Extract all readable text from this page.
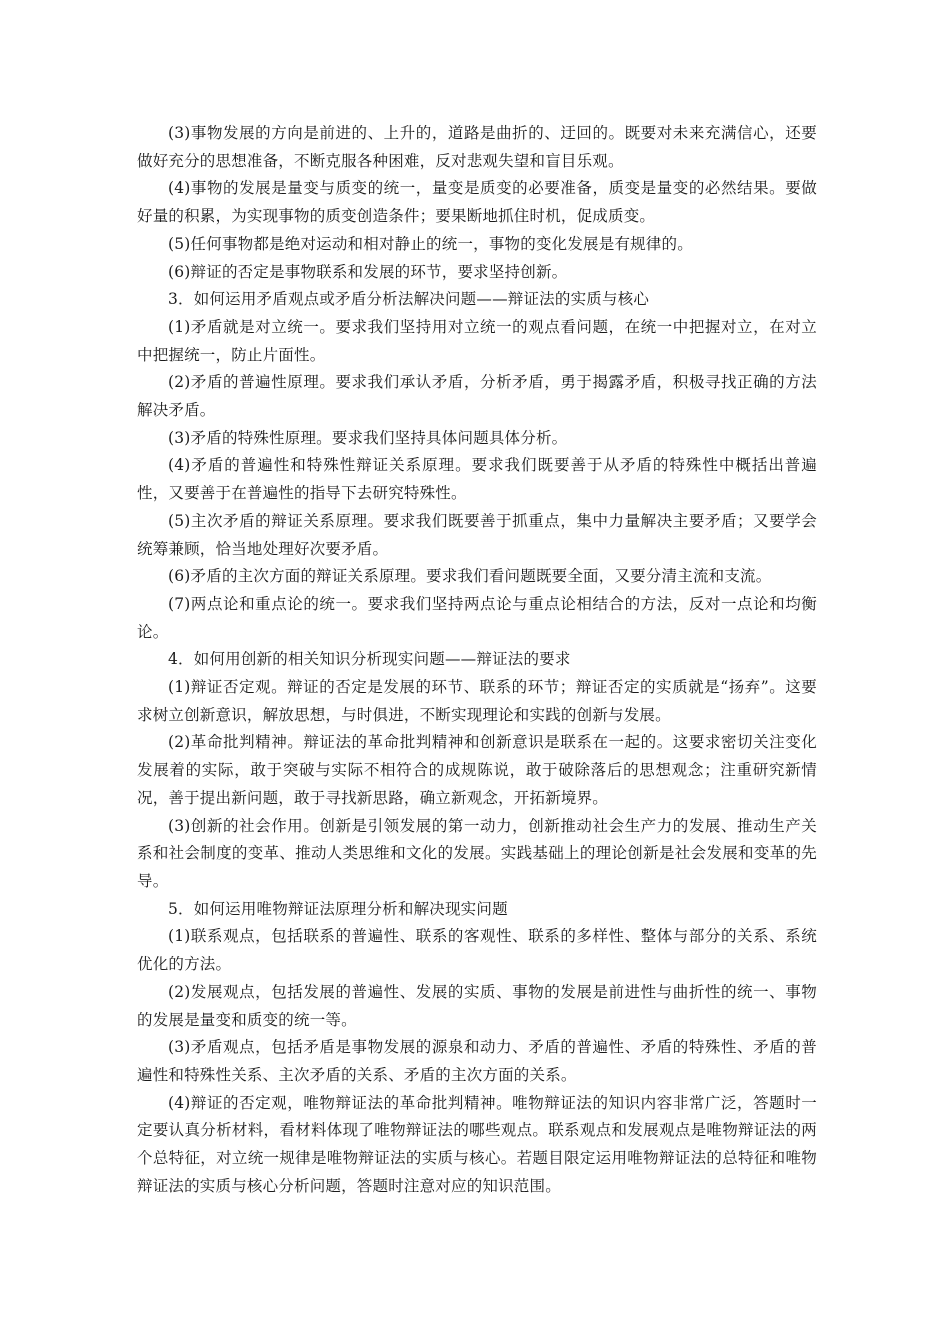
(3)事物发展的方向是前进的、上升的，道路是曲折的、迂回的。既要对未来充满信心，还要做好充分的思想准备，不断克服各种困难，反对悲观失望和盲目乐观。

(4)事物的发展是量变与质变的统一，量变是质变的必要准备，质变是量变的必然结果。要做好量的积累，为实现事物的质变创造条件；要果断地抓住时机，促成质变。

(5)任何事物都是绝对运动和相对静止的统一，事物的变化发展是有规律的。

(6)辩证的否定是事物联系和发展的环节，要求坚持创新。

3．如何运用矛盾观点或矛盾分析法解决问题——辩证法的实质与核心

(1)矛盾就是对立统一。要求我们坚持用对立统一的观点看问题，在统一中把握对立，在对立中把握统一，防止片面性。

(2)矛盾的普遍性原理。要求我们承认矛盾，分析矛盾，勇于揭露矛盾，积极寻找正确的方法解决矛盾。

(3)矛盾的特殊性原理。要求我们坚持具体问题具体分析。

(4)矛盾的普遍性和特殊性辩证关系原理。要求我们既要善于从矛盾的特殊性中概括出普遍性，又要善于在普遍性的指导下去研究特殊性。

(5)主次矛盾的辩证关系原理。要求我们既要善于抓重点，集中力量解决主要矛盾；又要学会统筹兼顾，恰当地处理好次要矛盾。

(6)矛盾的主次方面的辩证关系原理。要求我们看问题既要全面，又要分清主流和支流。

(7)两点论和重点论的统一。要求我们坚持两点论与重点论相结合的方法，反对一点论和均衡论。

4．如何用创新的相关知识分析现实问题——辩证法的要求

(1)辩证否定观。辩证的否定是发展的环节、联系的环节；辩证否定的实质就是“扬弃”。这要求树立创新意识，解放思想，与时俱进，不断实现理论和实践的创新与发展。

(2)革命批判精神。辩证法的革命批判精神和创新意识是联系在一起的。这要求密切关注变化发展着的实际，敢于突破与实际不相符合的成规陈说，敢于破除落后的思想观念；注重研究新情况，善于提出新问题，敢于寻找新思路，确立新观念，开拓新境界。

(3)创新的社会作用。创新是引领发展的第一动力，创新推动社会生产力的发展、推动生产关系和社会制度的变革、推动人类思维和文化的发展。实践基础上的理论创新是社会发展和变革的先导。

5．如何运用唯物辩证法原理分析和解决现实问题

(1)联系观点，包括联系的普遍性、联系的客观性、联系的多样性、整体与部分的关系、系统优化的方法。

(2)发展观点，包括发展的普遍性、发展的实质、事物的发展是前进性与曲折性的统一、事物的发展是量变和质变的统一等。

(3)矛盾观点，包括矛盾是事物发展的源泉和动力、矛盾的普遍性、矛盾的特殊性、矛盾的普遍性和特殊性关系、主次矛盾的关系、矛盾的主次方面的关系。

(4)辩证的否定观，唯物辩证法的革命批判精神。唯物辩证法的知识内容非常广泛，答题时一定要认真分析材料，看材料体现了唯物辩证法的哪些观点。联系观点和发展观点是唯物辩证法的两个总特征，对立统一规律是唯物辩证法的实质与核心。若题目限定运用唯物辩证法的总特征和唯物辩证法的实质与核心分析问题，答题时注意对应的知识范围。
